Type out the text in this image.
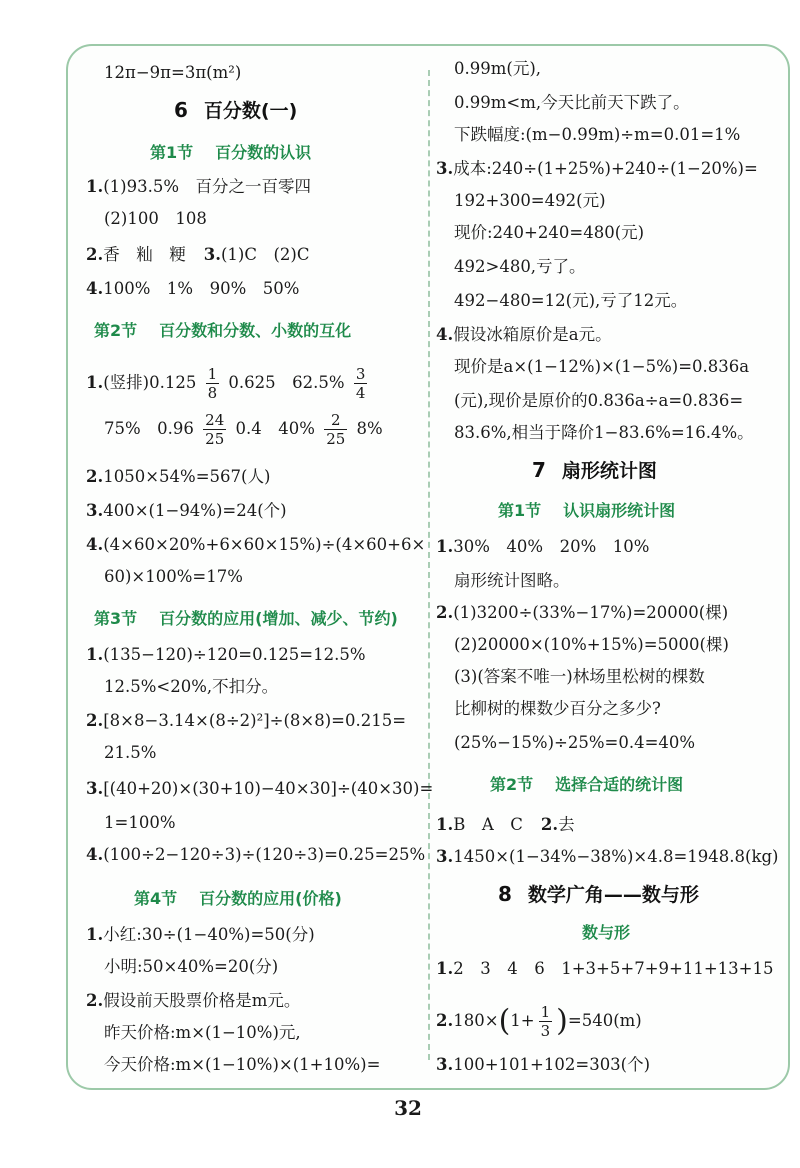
12π−9π=3π(m²)
6 百分数(一)
第1节 百分数的认识
1.(1)93.5%　百分之一百零四
(2)100　108
2.香　籼　粳 3.(1)C　(2)C
4.100%　1%　90%　50%
第2节 百分数和分数、小数的互化
1.(竖排)$0.125 \frac{1}{8} 0.625$　$62.5\% \frac{3}{4}$
75%　$0.96 \frac{24}{25} 0.4$　$40\% \frac{2}{25} 8\%$
2.1050×54%=567(人)
3.400×(1−94%)=24(个)
4.(4×60×20%+6×60×15%)÷(4×60+6×
60)×100%=17%
第3节 百分数的应用(增加、减少、节约)
1.(135−120)÷120=0.125=12.5%
12.5%<20%,不扣分。
2.[8×8−3.14×(8÷2)²]÷(8×8)=0.215=
21.5%
3.[(40+20)×(30+10)−40×30]÷(40×30)=
1=100%
4.(100÷2−120÷3)÷(120÷3)=0.25=25%
第4节 百分数的应用(价格)
1.小红:30÷(1−40%)=50(分)
小明:50×40%=20(分)
2.假设前天股票价格是m元。
昨天价格:m×(1−10%)元,
今天价格:m×(1−10%)×(1+10%)=
0.99m(元),
0.99m<m,今天比前天下跌了。
下跌幅度:(m−0.99m)÷m=0.01=1%
3.成本:240÷(1+25%)+240÷(1−20%)=
192+300=492(元)
现价:240+240=480(元)
492>480,亏了。
492−480=12(元),亏了12元。
4.假设冰箱原价是a元。
现价是a×(1−12%)×(1−5%)=0.836a
(元),现价是原价的0.836a÷a=0.836=
83.6%,相当于降价1−83.6%=16.4%。
7 扇形统计图
第1节 认识扇形统计图
1.30%　40%　20%　10%
扇形统计图略。
2.(1)3200÷(33%−17%)=20000(棵)
(2)20000×(10%+15%)=5000(棵)
(3)(答案不唯一)林场里松树的棵数
比柳树的棵数少百分之多少?
(25%−15%)÷25%=0.4=40%
第2节 选择合适的统计图
1.B　A　C 2.去
3.1450×(1−34%−38%)×4.8=1948.8(kg)
8 数学广角——数与形
数与形
1.2　3　4　6　1+3+5+7+9+11+13+15
$2.180\times(1+ \frac{1}{3} )=540(m)$
3.100+101+102=303(个)
32
